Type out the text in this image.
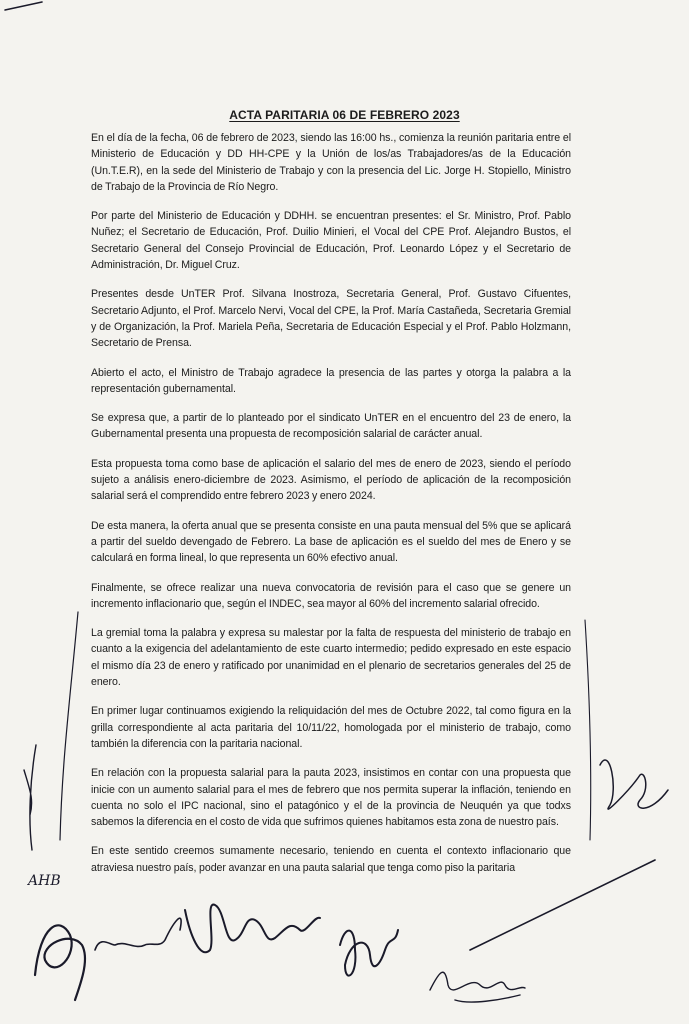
ACTA PARITARIA 06 DE FEBRERO 2023

En el día de la fecha, 06 de febrero de 2023, siendo las 16:00 hs., comienza la reunión paritaria entre el Ministerio de Educación y DD HH-CPE y la Unión de los/as Trabajadores/as de la Educación (Un.T.E.R), en la sede del Ministerio de Trabajo y con la presencia del Lic. Jorge H. Stopiello, Ministro de Trabajo de la Provincia de Río Negro.

Por parte del Ministerio de Educación y DDHH. se encuentran presentes: el Sr. Ministro, Prof. Pablo Nuñez; el Secretario de Educación, Prof. Duilio Minieri, el Vocal del CPE Prof. Alejandro Bustos, el Secretario General del Consejo Provincial de Educación, Prof. Leonardo López y el Secretario de Administración, Dr. Miguel Cruz.

Presentes desde UnTER Prof. Silvana Inostroza, Secretaria General, Prof. Gustavo Cifuentes, Secretario Adjunto, el Prof. Marcelo Nervi, Vocal del CPE, la Prof. María Castañeda, Secretaria Gremial y de Organización, la Prof. Mariela Peña, Secretaria de Educación Especial y el Prof. Pablo Holzmann, Secretario de Prensa.

Abierto el acto, el Ministro de Trabajo agradece la presencia de las partes y otorga la palabra a la representación gubernamental.

Se expresa que, a partir de lo planteado por el sindicato UnTER en el encuentro del 23 de enero, la Gubernamental presenta una propuesta de recomposición salarial de carácter anual.

Esta propuesta toma como base de aplicación el salario del mes de enero de 2023, siendo el período sujeto a análisis enero-diciembre de 2023. Asimismo, el período de aplicación de la recomposición salarial será el comprendido entre febrero 2023 y enero 2024.

De esta manera, la oferta anual que se presenta consiste en una pauta mensual del 5% que se aplicará a partir del sueldo devengado de Febrero. La base de aplicación es el sueldo del mes de Enero y se calculará en forma lineal, lo que representa un 60% efectivo anual.

Finalmente, se ofrece realizar una nueva convocatoria de revisión para el caso que se genere un incremento inflacionario que, según el INDEC, sea mayor al 60% del incremento salarial ofrecido.

La gremial toma la palabra y expresa su malestar por la falta de respuesta del ministerio de trabajo en cuanto a la exigencia del adelantamiento de este cuarto intermedio; pedido expresado en este espacio el mismo día 23 de enero y ratificado por unanimidad en el plenario de secretarios generales del 25 de enero.

En primer lugar continuamos exigiendo la reliquidación del mes de Octubre 2022, tal como figura en la grilla correspondiente al acta paritaria del 10/11/22, homologada por el ministerio de trabajo, como también la diferencia con la paritaria nacional.

En relación con la propuesta salarial para la pauta 2023, insistimos en contar con una propuesta que inicie con un aumento salarial para el mes de febrero que nos permita superar la inflación, teniendo en cuenta no solo el IPC nacional, sino el patagónico y el de la provincia de Neuquén ya que todxs sabemos la diferencia en el costo de vida que sufrimos quienes habitamos esta zona de nuestro país.

En este sentido creemos sumamente necesario, teniendo en cuenta el contexto inflacionario que atraviesa nuestro país, poder avanzar en una pauta salarial que tenga como piso la paritaria

AHB
